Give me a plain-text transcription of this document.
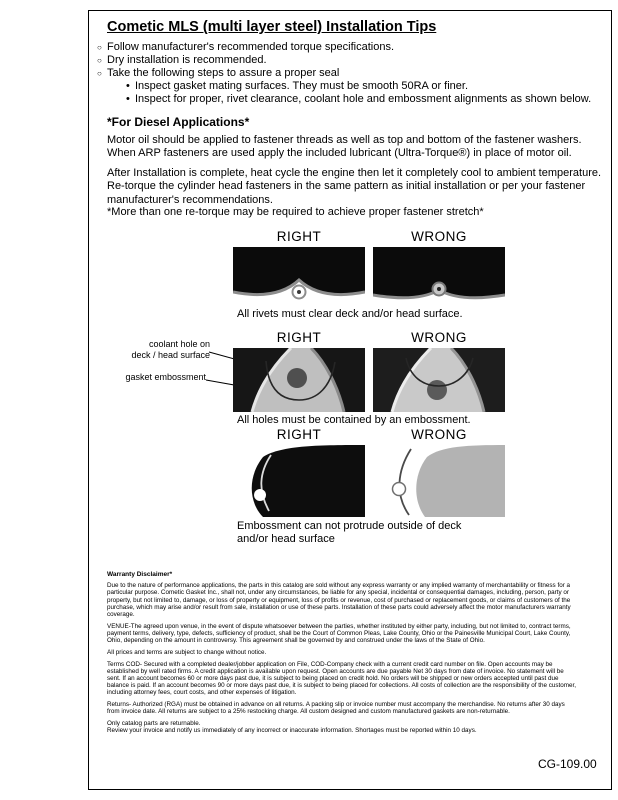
Cometic MLS (multi layer steel) Installation Tips
○ Follow manufacturer's recommended torque specifications.
○ Dry installation is recommended.
○ Take the following steps to assure a proper seal
• Inspect gasket mating surfaces. They must be smooth 50RA or finer.
• Inspect for proper, rivet clearance, coolant hole and embossment alignments as shown below.
*For Diesel Applications*

Motor oil should be applied to fastener threads as well as top and bottom of the fastener washers. When ARP fasteners are used apply the included lubricant (Ultra-Torque®) in place of motor oil.

After Installation is complete, heat cycle the engine then let it completely cool to ambient temperature. Re-torque the cylinder head fasteners in the same pattern as initial installation or per your fastener manufacturer's recommendations.

*More than one re-torque may be required to achieve proper fastener stretch*

RIGHT	WRONG
All rivets must clear deck and/or head surface.
coolant hole on
deck / head surface
gasket embossment
RIGHT	WRONG
All holes must be contained by an embossment.
RIGHT	WRONG
Embossment can not protrude outside of deck
and/or head surface
Warranty Disclaimer*

Due to the nature of performance applications, the parts in this catalog are sold without any express warranty or any implied warranty of merchantability or fitness for a particular purpose. Cometic Gasket Inc., shall not, under any circumstances, be liable for any special, incidental or consequential damages, including, person, party or property, but not limited to, damage, or loss of property or equipment, loss of profits or revenue, cost of purchased or replacement goods, or claims of customers of the purchase, which may arise and/or result from sale, installation or use of these parts. Installation of these parts could adversely affect the motor manufacturers warranty coverage.

VENUE-The agreed upon venue, in the event of dispute whatsoever between the parties, whether instituted by either party, including, but not limited to, contract terms, payment terms, delivery, type, defects, sufficiency of product, shall be the Court of Common Pleas, Lake County, Ohio or the Painesville Municipal Court, Lake County, Ohio, depending on the amount in controversy. This agreement shall be governed by and construed under the laws of the State of Ohio.

All prices and terms are subject to change without notice.

Terms COD- Secured with a completed dealer/jobber application on File, COD-Company check with a current credit card number on file. Open accounts may be established by well rated firms. A credit application is available upon request. Open accounts are due payable Net 30 days from date of invoice. No statement will be sent. If an account becomes 60 or more days past due, it is subject to being placed on credit hold. No orders will be shipped or new orders accepted until past due balance is paid. If an account becomes 90 or more days past due, it is subject to being placed for collections. All costs of collection are the responsibility of the customer, including attorney fees, court costs, and other expenses of litigation.

Returns- Authorized (RGA) must be obtained in advance on all returns. A packing slip or invoice number must accompany the merchandise. No returns after 30 days from invoice date. All returns are subject to a 25% restocking charge. All custom designed and custom manufactured gaskets are non-returnable.

Only catalog parts are returnable.

Review your invoice and notify us immediately of any incorrect or inaccurate information. Shortages must be reported within 10 days.

CG-109.00
